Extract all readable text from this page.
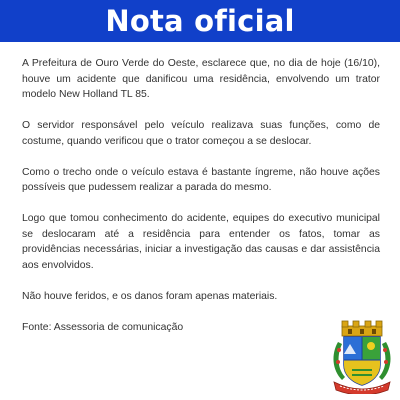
Nota oficial

A Prefeitura de Ouro Verde do Oeste, esclarece que, no dia de hoje (16/10), houve um acidente que danificou uma residência, envolvendo um trator modelo New Holland TL 85.

O servidor responsável pelo veículo realizava suas funções, como de costume, quando verificou que o trator começou a se deslocar.

Como o trecho onde o veículo estava é bastante íngreme, não houve ações possíveis que pudessem realizar a parada do mesmo.

Logo que tomou conhecimento do acidente, equipes do executivo municipal se deslocaram até a residência para entender os fatos, tomar as providências necessárias, iniciar a investigação das causas e dar assistência aos envolvidos.

Não houve feridos, e os danos foram apenas materiais.

Fonte: Assessoria de comunicação
